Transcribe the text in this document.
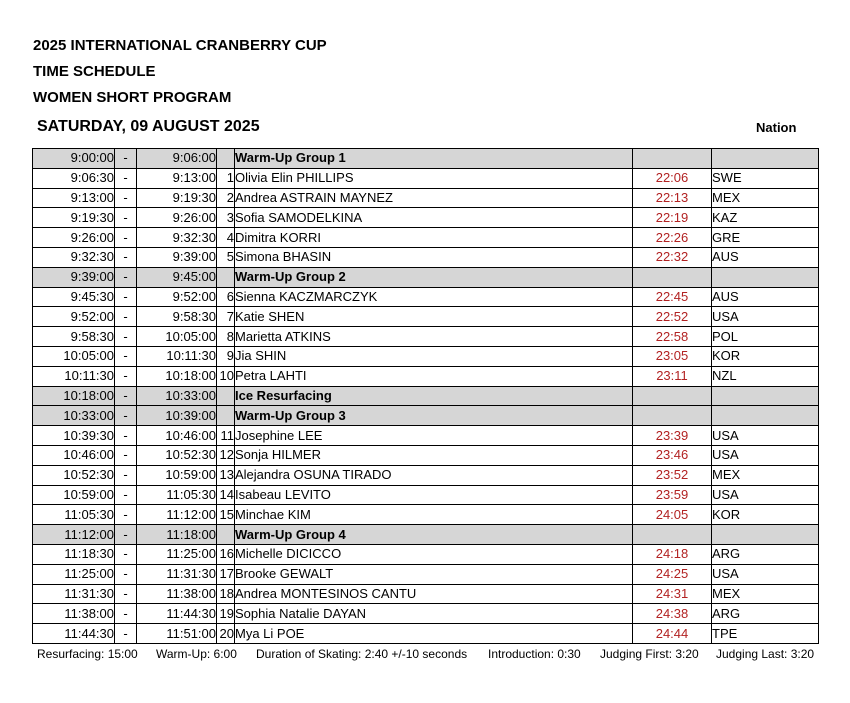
2025 INTERNATIONAL CRANBERRY CUP
TIME SCHEDULE
WOMEN SHORT PROGRAM
SATURDAY, 09 AUGUST 2025	Nation
9:00:00	-	9:06:00		Warm-Up Group 1		
9:06:30	-	9:13:00	1	Olivia Elin PHILLIPS	22:06	SWE
9:13:00	-	9:19:30	2	Andrea ASTRAIN MAYNEZ	22:13	MEX
9:19:30	-	9:26:00	3	Sofia SAMODELKINA	22:19	KAZ
9:26:00	-	9:32:30	4	Dimitra KORRI	22:26	GRE
9:32:30	-	9:39:00	5	Simona BHASIN	22:32	AUS
9:39:00	-	9:45:00		Warm-Up Group 2		
9:45:30	-	9:52:00	6	Sienna KACZMARCZYK	22:45	AUS
9:52:00	-	9:58:30	7	Katie SHEN	22:52	USA
9:58:30	-	10:05:00	8	Marietta ATKINS	22:58	POL
10:05:00	-	10:11:30	9	Jia SHIN	23:05	KOR
10:11:30	-	10:18:00	10	Petra LAHTI	23:11	NZL
10:18:00	-	10:33:00		Ice Resurfacing		
10:33:00	-	10:39:00		Warm-Up Group 3		
10:39:30	-	10:46:00	11	Josephine LEE	23:39	USA
10:46:00	-	10:52:30	12	Sonja HILMER	23:46	USA
10:52:30	-	10:59:00	13	Alejandra OSUNA TIRADO	23:52	MEX
10:59:00	-	11:05:30	14	Isabeau LEVITO	23:59	USA
11:05:30	-	11:12:00	15	Minchae KIM	24:05	KOR
11:12:00	-	11:18:00		Warm-Up Group 4		
11:18:30	-	11:25:00	16	Michelle DICICCO	24:18	ARG
11:25:00	-	11:31:30	17	Brooke GEWALT	24:25	USA
11:31:30	-	11:38:00	18	Andrea MONTESINOS CANTU	24:31	MEX
11:38:00	-	11:44:30	19	Sophia Natalie DAYAN	24:38	ARG
11:44:30	-	11:51:00	20	Mya Li POE	24:44	TPE
Resurfacing: 15:00 Warm-Up: 6:00 Duration of Skating: 2:40 +/-10 seconds Introduction: 0:30 Judging First: 3:20 Judging Last: 3:20
